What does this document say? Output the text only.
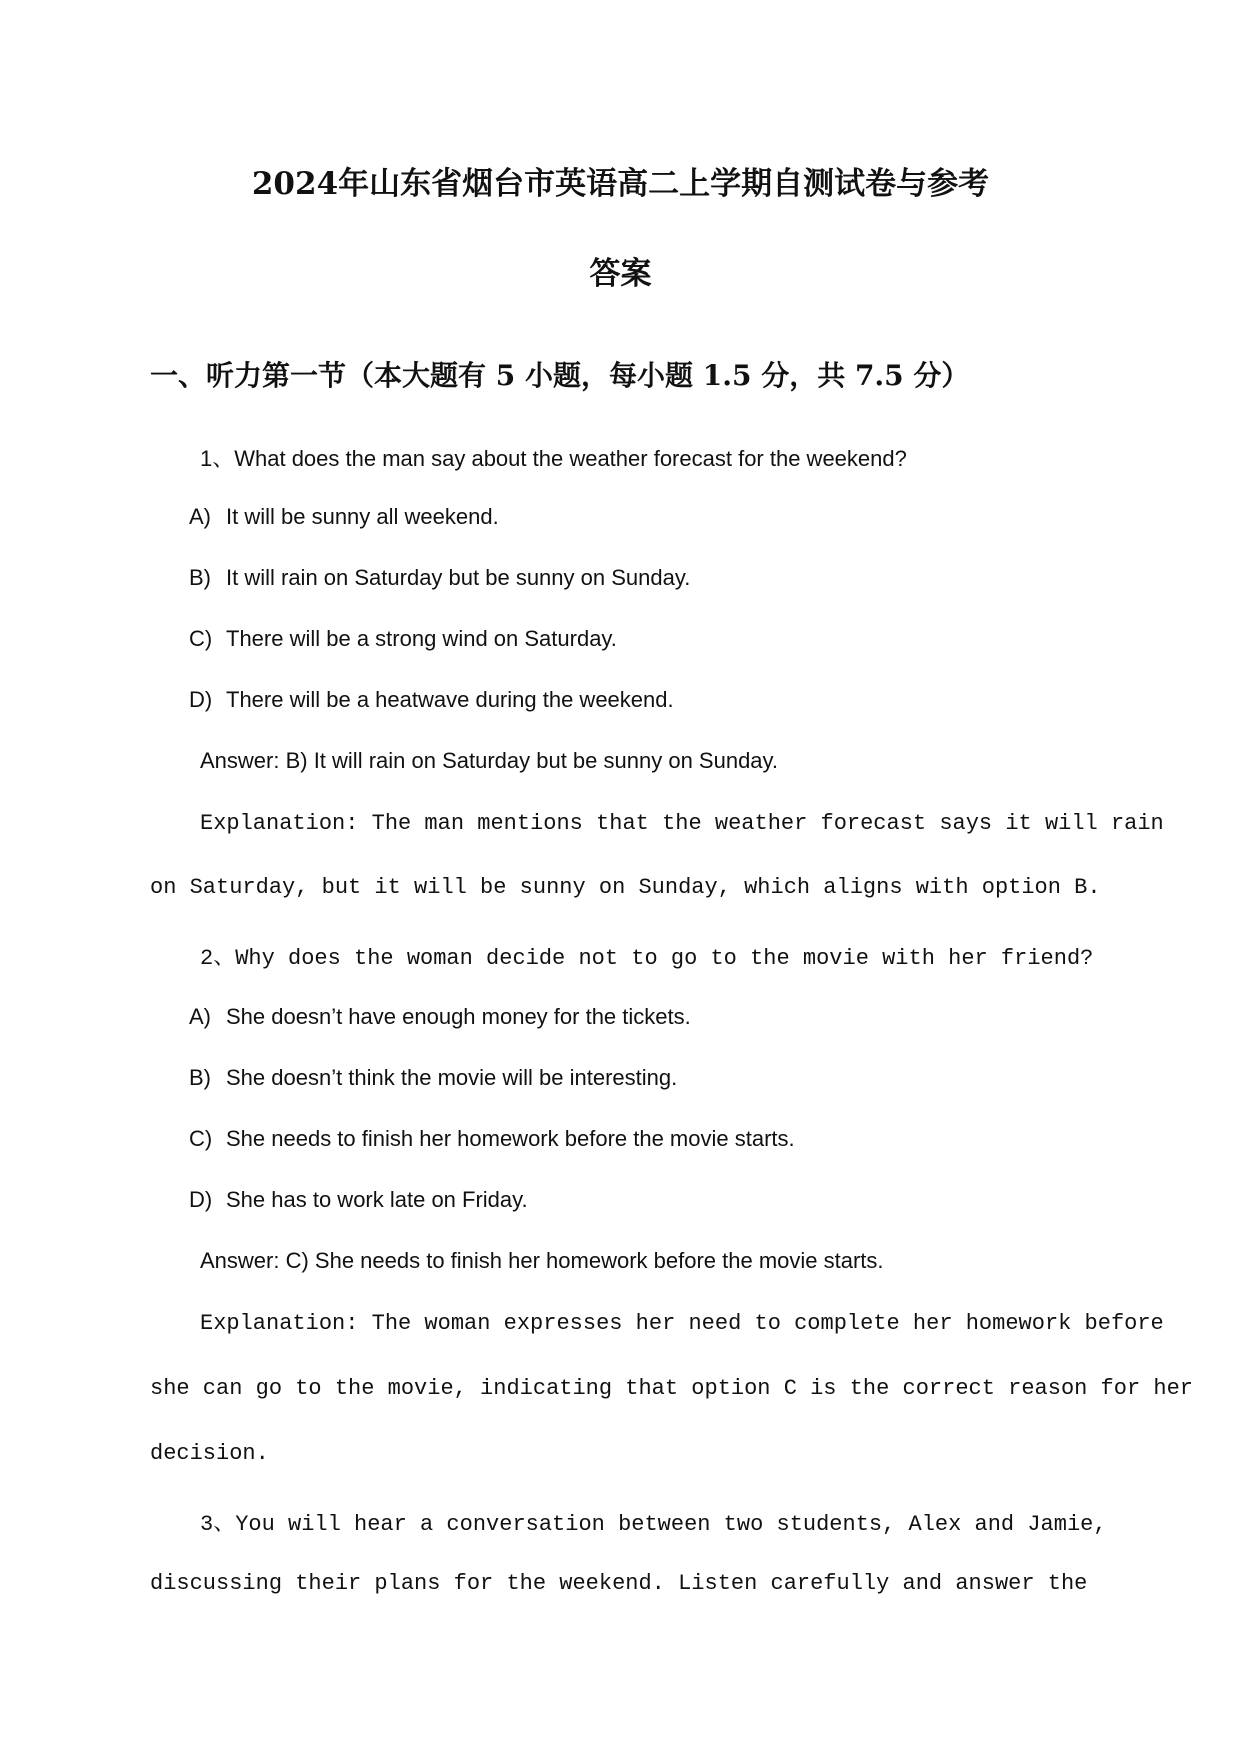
2024年山东省烟台市英语高二上学期自测试卷与参考
答案
一、听力第一节（本大题有 5 小题，每小题 1.5 分，共 7.5 分）
1、What does the man say about the weather forecast for the weekend?
A) It will be sunny all weekend.
B) It will rain on Saturday but be sunny on Sunday.
C) There will be a strong wind on Saturday.
D) There will be a heatwave during the weekend.
Answer: B) It will rain on Saturday but be sunny on Sunday.
Explanation: The man mentions that the weather forecast says it will rain
on Saturday, but it will be sunny on Sunday, which aligns with option B.
2、Why does the woman decide not to go to the movie with her friend?
A) She doesn’t have enough money for the tickets.
B) She doesn’t think the movie will be interesting.
C) She needs to finish her homework before the movie starts.
D) She has to work late on Friday.
Answer: C) She needs to finish her homework before the movie starts.
Explanation: The woman expresses her need to complete her homework before
she can go to the movie, indicating that option C is the correct reason for her
decision.
3、You will hear a conversation between two students, Alex and Jamie,
discussing their plans for the weekend. Listen carefully and answer the
